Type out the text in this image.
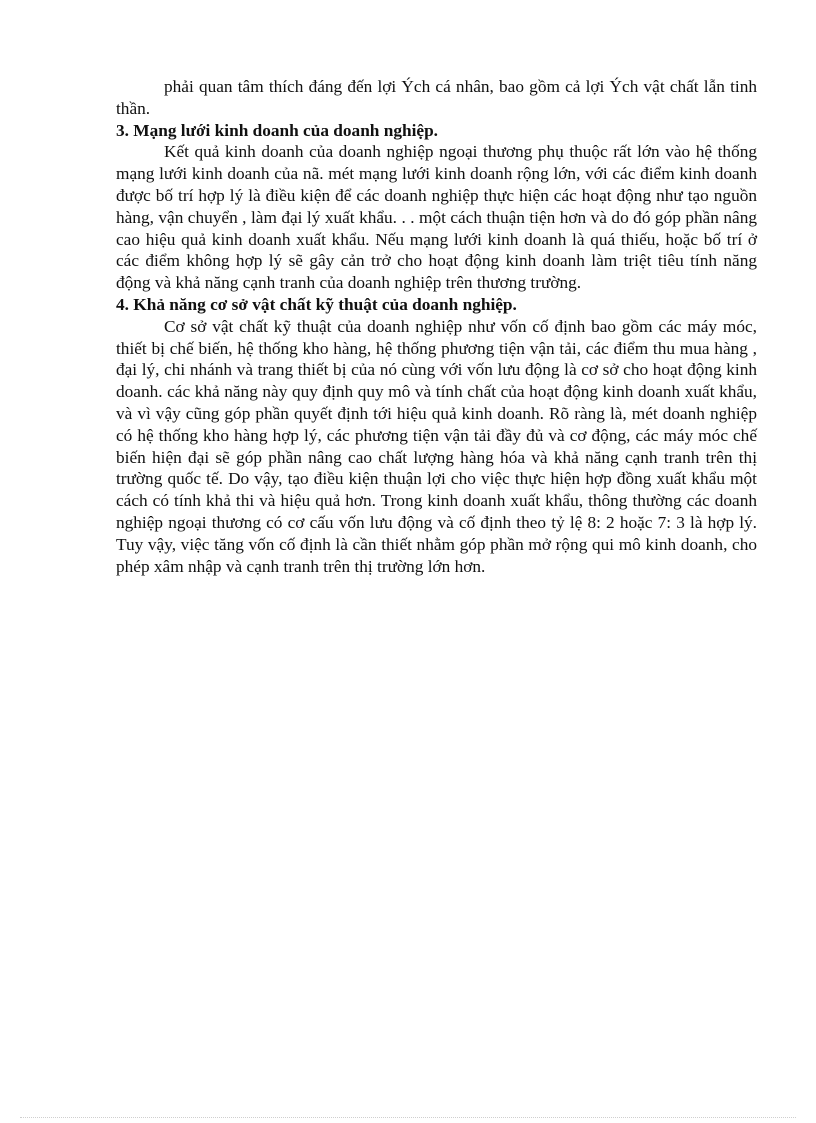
phải quan tâm thích đáng đến lợi Ých cá nhân, bao gồm cả lợi Ých vật chất lẫn tinh thần.

3. Mạng lưới kinh doanh của doanh nghiệp.

Kết quả kinh doanh của doanh nghiệp ngoại thương phụ thuộc rất lớn vào hệ thống mạng lưới kinh doanh của nã. mét mạng lưới kinh doanh rộng lớn, với các điểm kinh doanh được bố trí hợp lý là điều kiện để các doanh nghiệp thực hiện các hoạt động như tạo nguồn hàng, vận chuyển , làm đại lý xuất khẩu. . . một cách thuận tiện hơn và do đó góp phần nâng cao hiệu quả kinh doanh xuất khẩu. Nếu mạng lưới kinh doanh là quá thiếu, hoặc bố trí ở các điểm không hợp lý sẽ gây cản trở cho hoạt động kinh doanh làm triệt tiêu tính năng động và khả năng cạnh tranh của doanh nghiệp trên thương trường.

4. Khả năng cơ sở vật chất kỹ thuật của doanh nghiệp.

Cơ sở vật chất kỹ thuật của doanh nghiệp như vốn cố định bao gồm các máy móc, thiết bị chế biến, hệ thống kho hàng, hệ thống phương tiện vận tải, các điểm thu mua hàng , đại lý, chi nhánh và trang thiết bị của nó cùng với vốn lưu động là cơ sở cho hoạt động kinh doanh. các khả năng này quy định quy mô và tính chất của hoạt động kinh doanh xuất khẩu, và vì vậy cũng góp phần quyết định tới hiệu quả kinh doanh. Rõ ràng là, mét doanh nghiệp có hệ thống kho hàng hợp lý, các phương tiện vận tải đầy đủ và cơ động, các máy móc chế biến hiện đại sẽ góp phần nâng cao chất lượng hàng hóa và khả năng cạnh tranh trên thị trường quốc tế. Do vậy, tạo điều kiện thuận lợi cho việc thực hiện hợp đồng xuất khẩu một cách có tính khả thi và hiệu quả hơn. Trong kinh doanh xuất khẩu, thông thường các doanh nghiệp ngoại thương có cơ cấu vốn lưu động và cố định theo tỷ lệ 8: 2 hoặc 7: 3 là hợp lý. Tuy vậy, việc tăng vốn cố định là cần thiết nhằm góp phần mở rộng qui mô kinh doanh, cho phép xâm nhập và cạnh tranh trên thị trường lớn hơn.
